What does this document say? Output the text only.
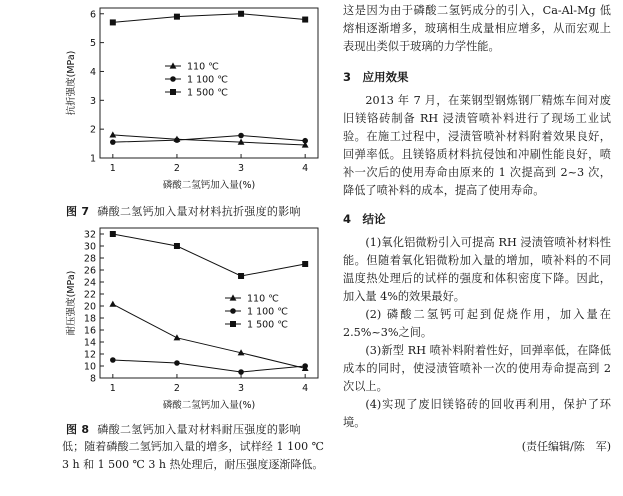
1
2
3
4
5
6
1	2	3	4
磷酸二氢钙加入量(%)
抗折强度(MPa)	110 ℃
1 100 ℃
1 500 ℃
图 7 磷酸二氢钙加入量对材料抗折强度的影响
8
10
12
14
16
18
20
22
24
26
28
30
32
1	2	3	4
磷酸二氢钙加入量(%)
耐压强度(MPa)	110 ℃
1 100 ℃
1 500 ℃
图 8 磷酸二氢钙加入量对材料耐压强度的影响
低；随着磷酸二氢钙加入量的增多，试样经 1 100 ℃ 3 h 和 1 500 ℃ 3 h 热处理后，耐压强度逐渐降低。

这是因为由于磷酸二氢钙成分的引入，Ca-Al-Mg 低熔相逐渐增多，玻璃相生成量相应增多，从而宏观上表现出类似于玻璃的力学性能。

3　应用效果

2013 年 7 月，在莱钢型钢炼钢厂精炼车间对废旧镁铬砖制备 RH 浸渍管喷补料进行了现场工业试验。在施工过程中，浸渍管喷补材料附着效果良好，回弹率低。且镁铬质材料抗侵蚀和冲刷性能良好，喷补一次后的使用寿命由原来的 1 次提高到 2~3 次，降低了喷补料的成本，提高了使用寿命。

4　结论

(1)氧化铝微粉引入可提高 RH 浸渍管喷补材料性能。但随着氧化铝微粉加入量的增加，喷补料的不同温度热处理后的试样的强度和体积密度下降。因此，加入量 4%的效果最好。

(2) 磷酸二氢钙可起到促烧作用，加入量在 2.5%~3%之间。

(3)新型 RH 喷补料附着性好，回弹率低，在降低成本的同时，使浸渍管喷补一次的使用寿命提高到 2 次以上。

(4)实现了废旧镁铬砖的回收再利用，保护了环境。

(责任编辑/陈　军)
